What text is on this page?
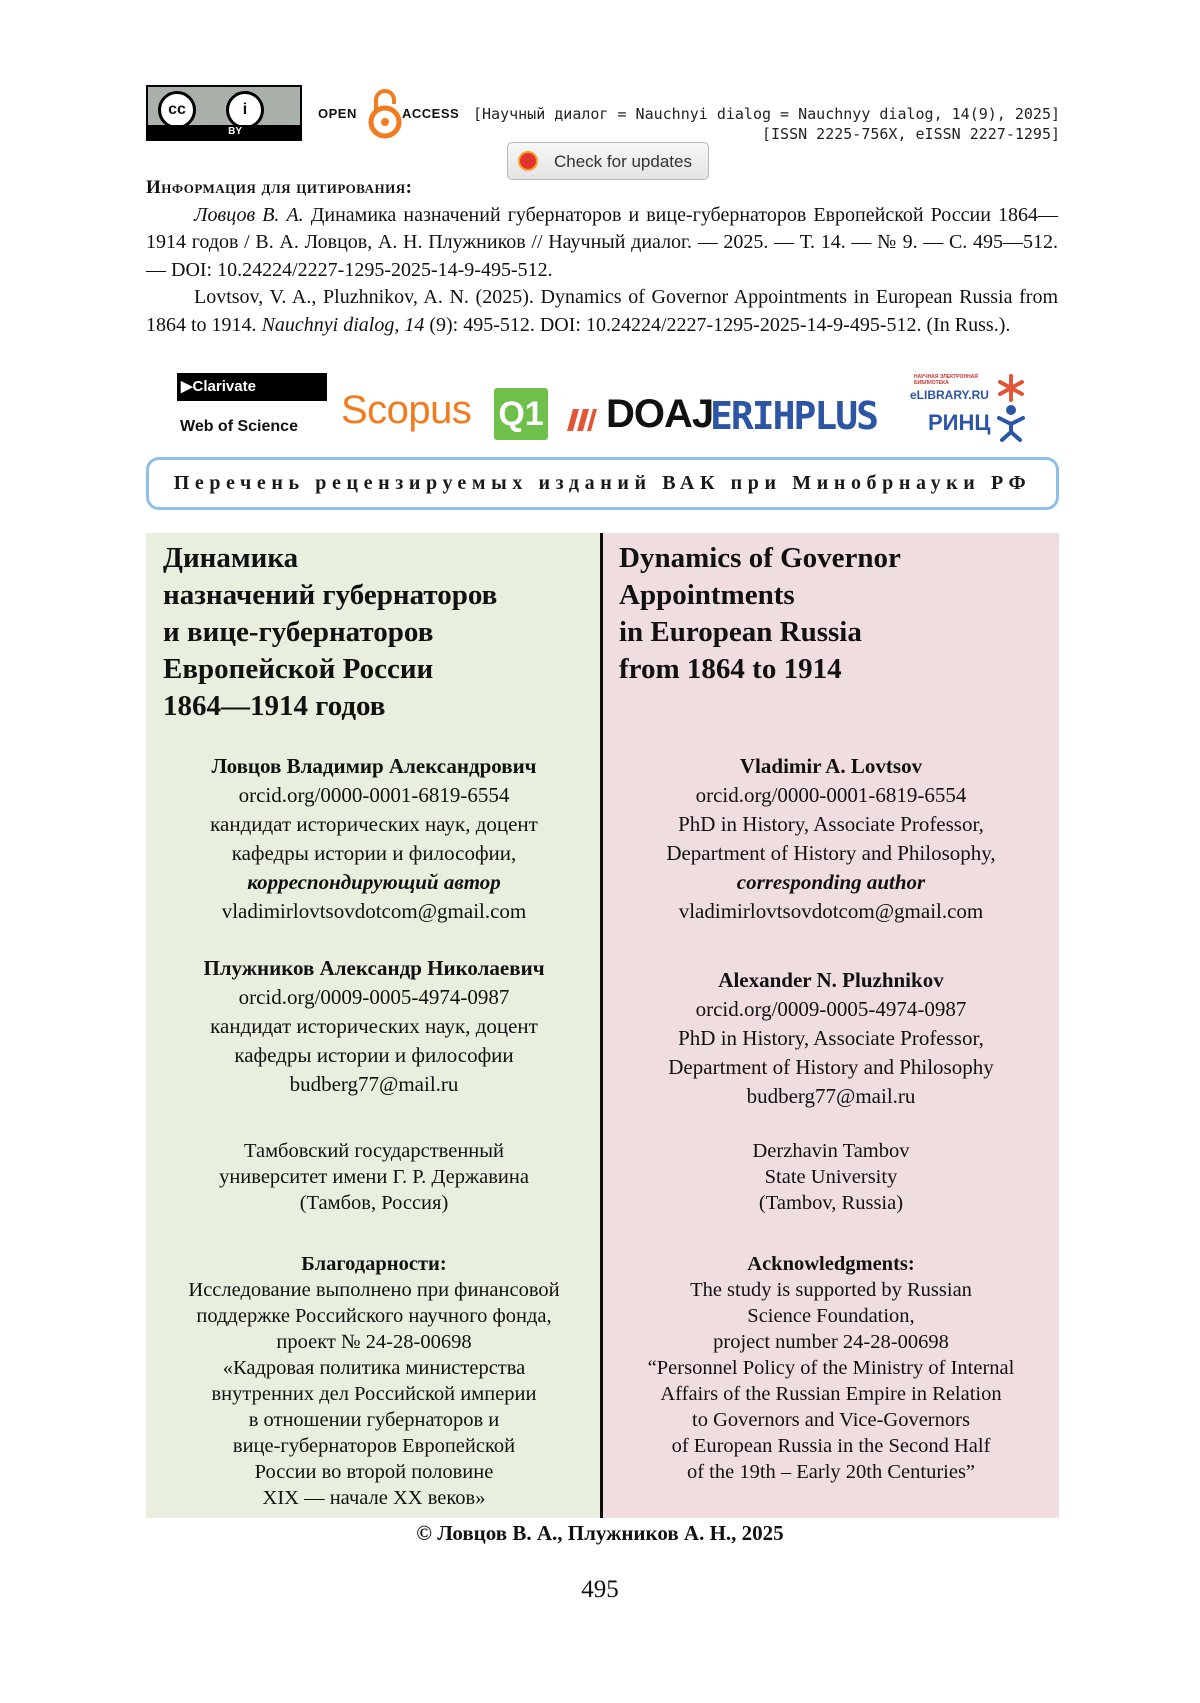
cc	i
BY
OPEN	ACCESS [Научный диалог = Nauchnyi dialog = Nauchnyy dialog, 14(9), 2025]
[ISSN 2225-756X, eISSN 2227-1295]
Check for updates
Информация для цитирования:

Ловцов В. А. Динамика назначений губернаторов и вице-губернаторов Европейской России 1864—1914 годов / В. А. Ловцов, А. Н. Плужников // Научный диалог. — 2025. — Т. 14. — № 9. — С. 495—512. — DOI: 10.24224/2227-1295-2025-14-9-495-512.

Lovtsov, V. A., Pluzhnikov, A. N. (2025). Dynamics of Governor Appointments in European Russia from 1864 to 1914. Nauchnyi dialog, 14 (9): 495-512. DOI: 10.24224/2227-1295-2025-14-9-495-512. (In Russ.).

▶Clarivate
Web of Science Scopus Q1 DOAJ
ERIHPLUS
НАУЧНАЯ ЭЛЕКТРОННАЯ БИБЛИОТЕКА
eLIBRARY.RU
РИНЦ
Перечень рецензируемых изданий ВАК при Минобрнауки РФ
Динамика
назначений губернаторов
и вице-губернаторов
Европейской России
1864—1914 годов
Ловцов Владимир Александрович
orcid.org/0000-0001-6819-6554
кандидат исторических наук, доцент
кафедры истории и философии,
корреспондирующий автор
vladimirlovtsovdotcom@gmail.com
Плужников Александр Николаевич
orcid.org/0009-0005-4974-0987
кандидат исторических наук, доцент
кафедры истории и философии
budberg77@mail.ru
Тамбовский государственный
университет имени Г. Р. Державина
(Тамбов, Россия)
Благодарности:
Исследование выполнено при финансовой
поддержке Российского научного фонда,
проект № 24-28-00698
«Кадровая политика министерства
внутренних дел Российской империи
в отношении губернаторов и
вице-губернаторов Европейской
России во второй половине
XIX — начале XX веков»
Dynamics of Governor
Appointments
in European Russia
from 1864 to 1914
Vladimir A. Lovtsov
orcid.org/0000-0001-6819-6554
PhD in History, Associate Professor,
Department of History and Philosophy,
corresponding author
vladimirlovtsovdotcom@gmail.com
Alexander N. Pluzhnikov
orcid.org/0009-0005-4974-0987
PhD in History, Associate Professor,
Department of History and Philosophy
budberg77@mail.ru
Derzhavin Tambov
State University
(Tambov, Russia)
Acknowledgments:
The study is supported by Russian
Science Foundation,
project number 24-28-00698
“Personnel Policy of the Ministry of Internal
Affairs of the Russian Empire in Relation
to Governors and Vice-Governors
of European Russia in the Second Half
of the 19th – Early 20th Centuries”
© Ловцов В. А., Плужников А. Н., 2025
495
